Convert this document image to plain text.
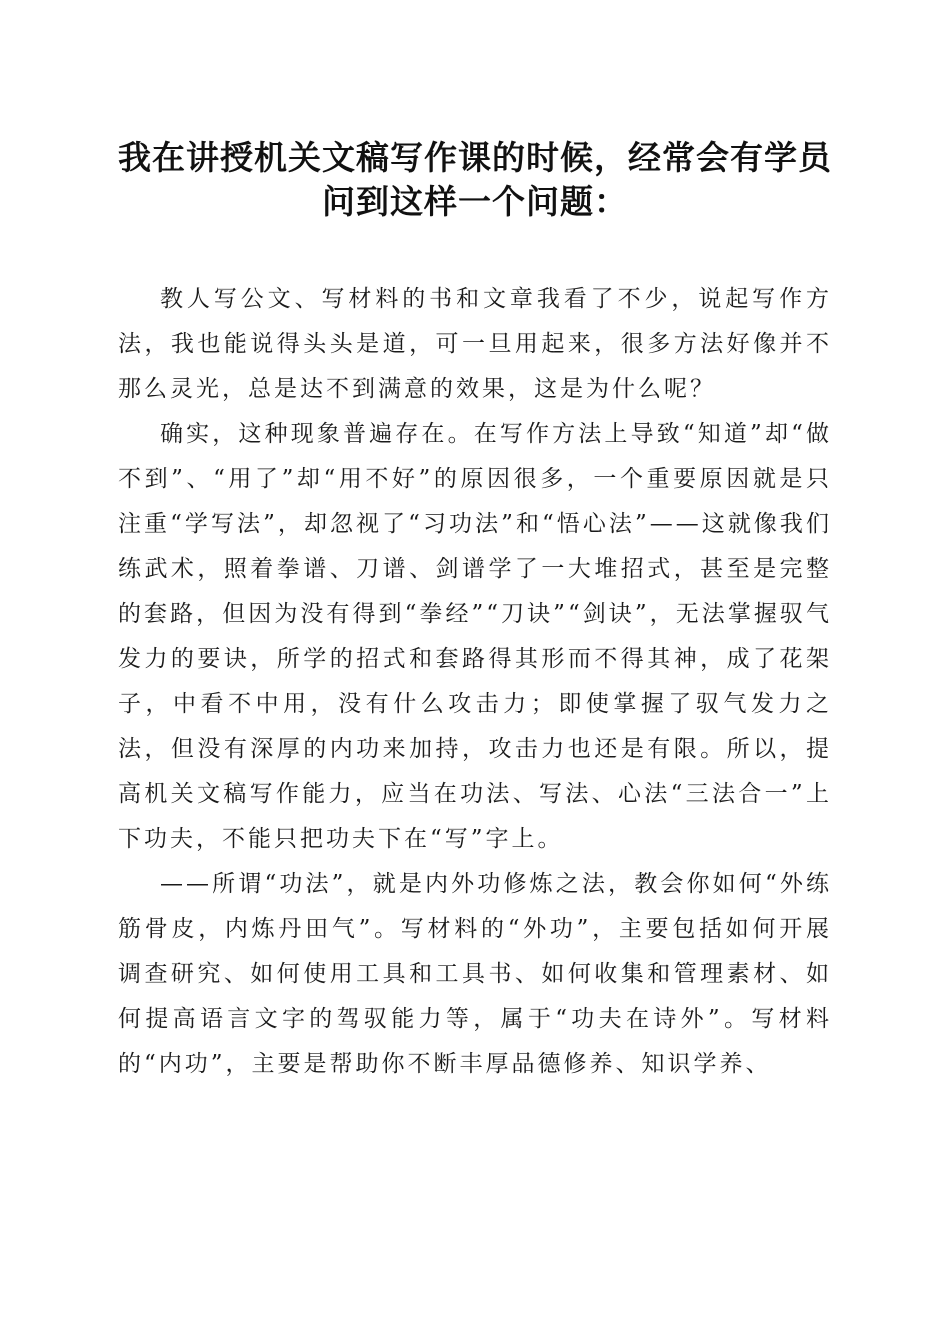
我在讲授机关文稿写作课的时候，经常会有学员问到这样一个问题：

教人写公文、写材料的书和文章我看了不少，说起写作方法，我也能说得头头是道，可一旦用起来，很多方法好像并不那么灵光，总是达不到满意的效果，这是为什么呢？

确实，这种现象普遍存在。在写作方法上导致“知道”却“做不到”、“用了”却“用不好”的原因很多，一个重要原因就是只注重“学写法”，却忽视了“习功法”和“悟心法”——这就像我们练武术，照着拳谱、刀谱、剑谱学了一大堆招式，甚至是完整的套路，但因为没有得到“拳经”“刀诀”“剑诀”，无法掌握驭气发力的要诀，所学的招式和套路得其形而不得其神，成了花架子，中看不中用，没有什么攻击力；即使掌握了驭气发力之法，但没有深厚的内功来加持，攻击力也还是有限。所以，提高机关文稿写作能力，应当在功法、写法、心法“三法合一”上下功夫，不能只把功夫下在“写”字上。

——所谓“功法”，就是内外功修炼之法，教会你如何“外练筋骨皮，内炼丹田气”。写材料的“外功”，主要包括如何开展调查研究、如何使用工具和工具书、如何收集和管理素材、如何提高语言文字的驾驭能力等，属于“功夫在诗外”。写材料的“内功”，主要是帮助你不断丰厚品德修养、知识学养、
